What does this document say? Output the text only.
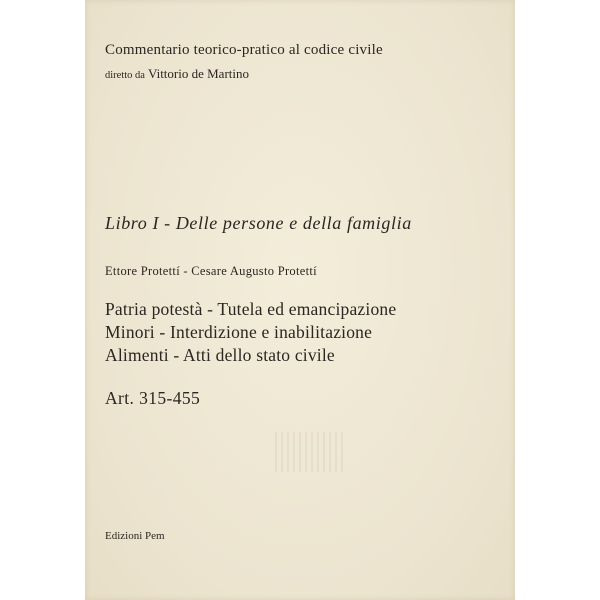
Commentario teorico-pratico al codice civile
diretto da Vittorio de Martino
Libro I - Delle persone e della famiglia
Ettore Protettí - Cesare Augusto Protettí
Patria potestà - Tutela ed emancipazione
Minori - Interdizione e inabilitazione
Alimenti - Atti dello stato civile
Art. 315-455
Edizioni Pem
